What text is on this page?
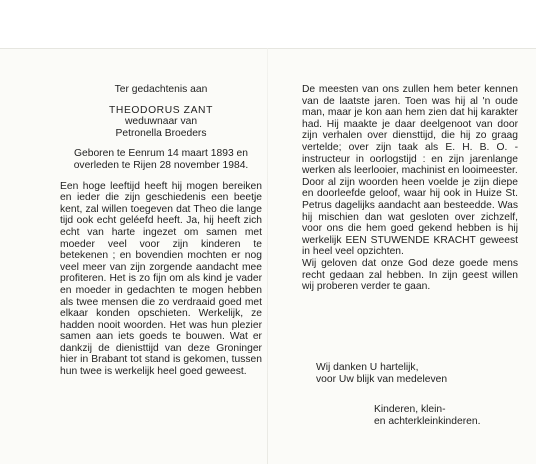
Ter gedachtenis aan
THEODORUS ZANT
weduwnaar van
Petronella Broeders
Geboren te Eenrum 14 maart 1893 en
overleden te Rijen 28 november 1984.

Een hoge leeftijd heeft hij mogen bereiken en ieder die zijn geschiedenis een beetje kent, zal willen toegeven dat Theo die lange tijd ook echt geléefd heeft. Ja, hij heeft zich echt van harte ingezet om samen met moeder veel voor zijn kinderen te betekenen ; en bovendien mochten er nog veel meer van zijn zorgende aandacht mee profiteren. Het is zo fijn om als kind je vader en moeder in gedachten te mogen hebben als twee mensen die zo verdraaid goed met elkaar konden opschieten. Werkelijk, ze hadden nooit woorden. Het was hun plezier samen aan iets goeds te bouwen. Wat er dankzij de dienisttijd van deze Groninger hier in Brabant tot stand is gekomen, tussen hun twee is werkelijk heel goed geweest.

De meesten van ons zullen hem beter kennen van de laatste jaren. Toen was hij al 'n oude man, maar je kon aan hem zien dat hij karakter had. Hij maakte je daar deelgenoot van door zijn verhalen over diensttijd, die hij zo graag vertelde; over zijn taak als E. H. B. O. - instructeur in oorlogstijd : en zijn jarenlange werken als leerlooier, machinist en looimeester.

Door al zijn woorden heen voelde je zijn diepe en doorleefde geloof, waar hij ook in Huize St. Petrus dagelijks aandacht aan besteedde. Was hij mischien dan wat gesloten over zichzelf, voor ons die hem goed gekend hebben is hij werkelijk EEN STUWENDE KRACHT geweest in heel veel opzichten.

Wij geloven dat onze God deze goede mens recht gedaan zal hebben. In zijn geest willen wij proberen verder te gaan.

Wij danken U hartelijk,
voor Uw blijk van medeleven
Kinderen, klein-
en achterkleinkinderen.
